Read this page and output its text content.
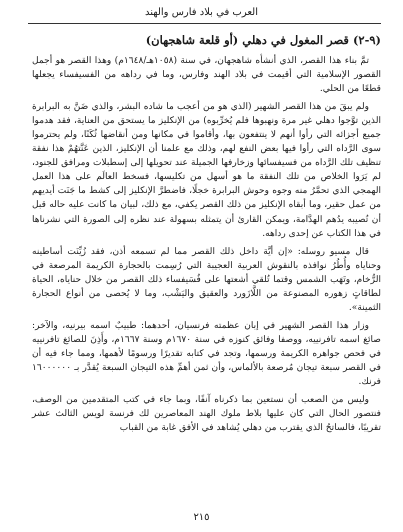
العرب في بلاد فارس والهند
(٩-٢) قصر المغول في دهلي (أو قلعة شاهجهان)

تمَّ بناء هذا القصر، الذي أنشأه شاهجهان، في سنة (١٠٥٨هـ/١٦٤٨م) وهذا القصر هو أجمل القصور الإسلامية التي أقيمت في بلاد الهند وفارس، وما في رداهه من الفسيفساء يجعلها قطعًا من الحلي.

ولم يبقَ من هذا القصر الشهير (الذي هو من أعجب ما شاده البشر، والذي ضَنَّ به البرابرة الذين توَّجوا دهلي غير مرة ونهبوها فلم يُخرِّبوه) من الإنكليز ما يستحق من العناية، فقد هدموا جميع أجزائه التي رأوا أنهم لا ينتفعون بها، وأقاموا في مكانها ومن أنقاضها ثُكَنًا، ولم يحترموا سوى الرَّداه التي رأوا فيها بعض النفع لهم، وذلك مع علمنا أن الإنكليز، الذين عَنَّتهُمْ هذا نفقة تنظيف تلك الرَّداه من فسيفسائها وزخارفها الجميلة عند تحويلها إلى إسطبلات ومرافق للجنود، لم يَرَوا الخلاص من تلك النفقة ما هو أسهل من تكليسها، فسخط العالَم على هذا العمل الهمجي الذي تحمَّرُ منه وجوه وحوش البرابرة خجلًا، فاضطرَّ الإنكليز إلى كشط ما جَنَت أيديهم من عمل حقير، وما أبقاه الإنكليز من ذلك القصر يكفي، مع ذلك، لبيان ما كانت عليه حاله قبل أن تُصيبه يدُهم الهدَّامة، ويمكن القارئ أن يتمثله بسهولة عند نظره إلى الصورة التي نشرناها في هذا الكتاب عن إحدى رداهه.

قال مسيو روسله: «إن أيَّة داخل ذلك القصر مما لم تسمعه أذن، فقد زُيِّنَت أساطينه وحناياه وأُطُرُ نوافذه بالنقوش العربية العجيبة التي رُسِمت بالحجارة الكريمة المرصعة في الرُّخام، وتَهَب الشمس وقتما تُلقي أشعتها على فُسَيفساء ذلك القصر من خلال حناياه، الحياة لطاقاتٍ زهوره المصنوعة من اللَّازَورد والعقيق واليَشْب، وما لا يُحصى من أنواع الحجارة الثمينة».

وزار هذا القصر الشهير في إبان عظمته فرنسيان، أحدهما: طبيبٌ اسمه بيرنيه، والآخر: صائغ اسمه تافرنييه، ووصفا وفائق كنوزه في سنة ١٦٧٠م وسنة ١٦٦٧م، وأَذِنَ للصائغ تافرنييه في فحص جواهره الكريمة ورسمها، وتجد في كتابه تقديرًا ورسومًا لأهمها، ومما جاء فيه أن في القصر سبعة تيجان مُرصعة بالألماس، وأن ثمن أهمِّ هذه التيجان السبعة يُقدَّر بـ ١٦٠٠٠٠٠٠ فرنك.

وليس من الصعب أن نستعين بما ذكرناه آنفًا، وبما جاء في كتب المتقدمين من الوصف، فنتصور الحال التي كان عليها بلاط ملوك الهند المعاصرين لك فرنسة لويس الثالث عشر تقريبًا، فالساتحُ الذي يقترب من دهلي يُشاهد في الأفق غابة من القباب

٢١٥
